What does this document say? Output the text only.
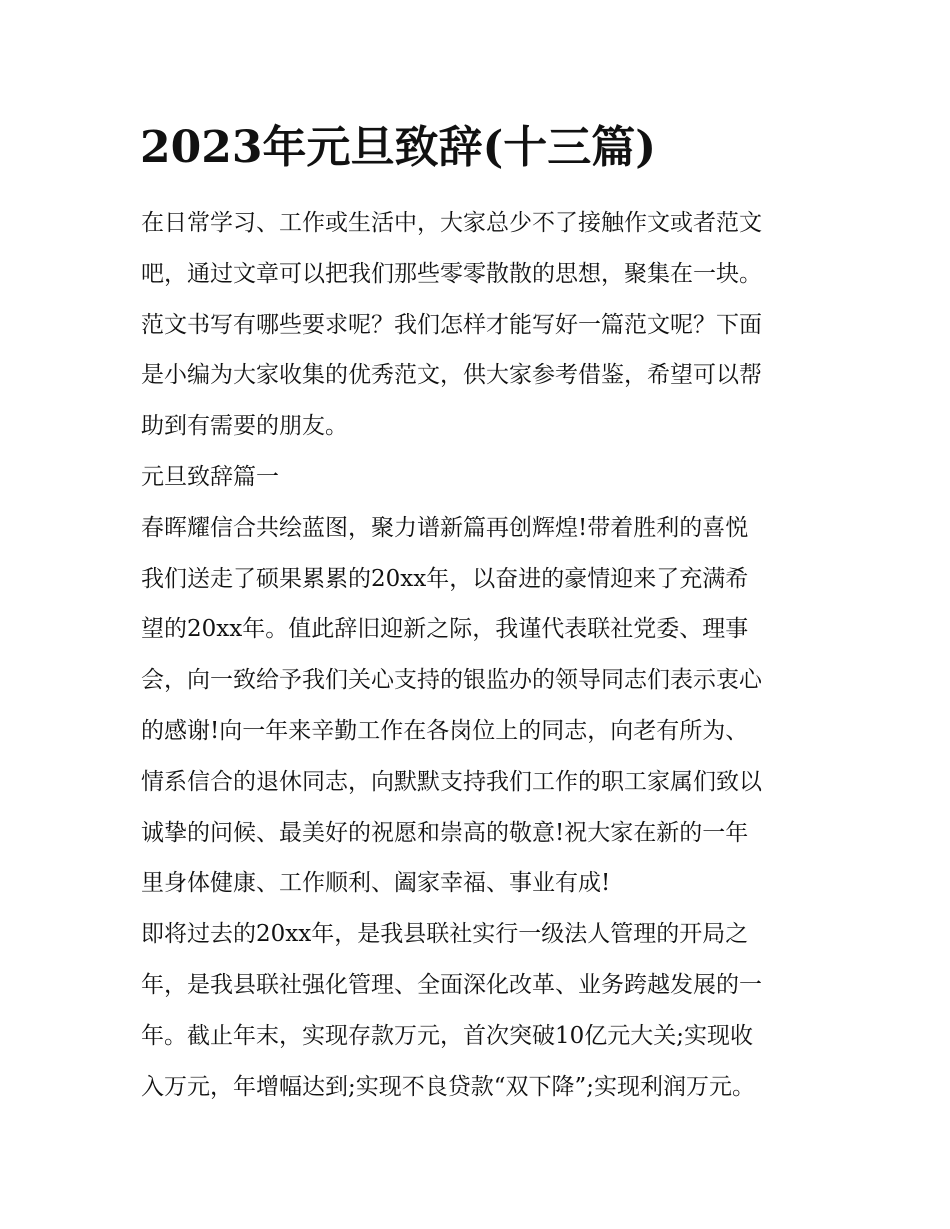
2023年元旦致辞(十三篇)

在日常学习、工作或生活中，大家总少不了接触作文或者范文
吧，通过文章可以把我们那些零零散散的思想，聚集在一块。
范文书写有哪些要求呢？我们怎样才能写好一篇范文呢？下面
是小编为大家收集的优秀范文，供大家参考借鉴，希望可以帮
助到有需要的朋友。

元旦致辞篇一

春晖耀信合共绘蓝图，聚力谱新篇再创辉煌!带着胜利的喜悦
我们送走了硕果累累的20xx年，以奋进的豪情迎来了充满希
望的20xx年。值此辞旧迎新之际，我谨代表联社党委、理事
会，向一致给予我们关心支持的银监办的领导同志们表示衷心
的感谢!向一年来辛勤工作在各岗位上的同志，向老有所为、
情系信合的退休同志，向默默支持我们工作的职工家属们致以
诚挚的问候、最美好的祝愿和崇高的敬意!祝大家在新的一年
里身体健康、工作顺利、阖家幸福、事业有成!

即将过去的20xx年，是我县联社实行一级法人管理的开局之
年，是我县联社强化管理、全面深化改革、业务跨越发展的一
年。截止年末，实现存款万元，首次突破10亿元大关;实现收
入万元，年增幅达到;实现不良贷款“双下降”;实现利润万元。
